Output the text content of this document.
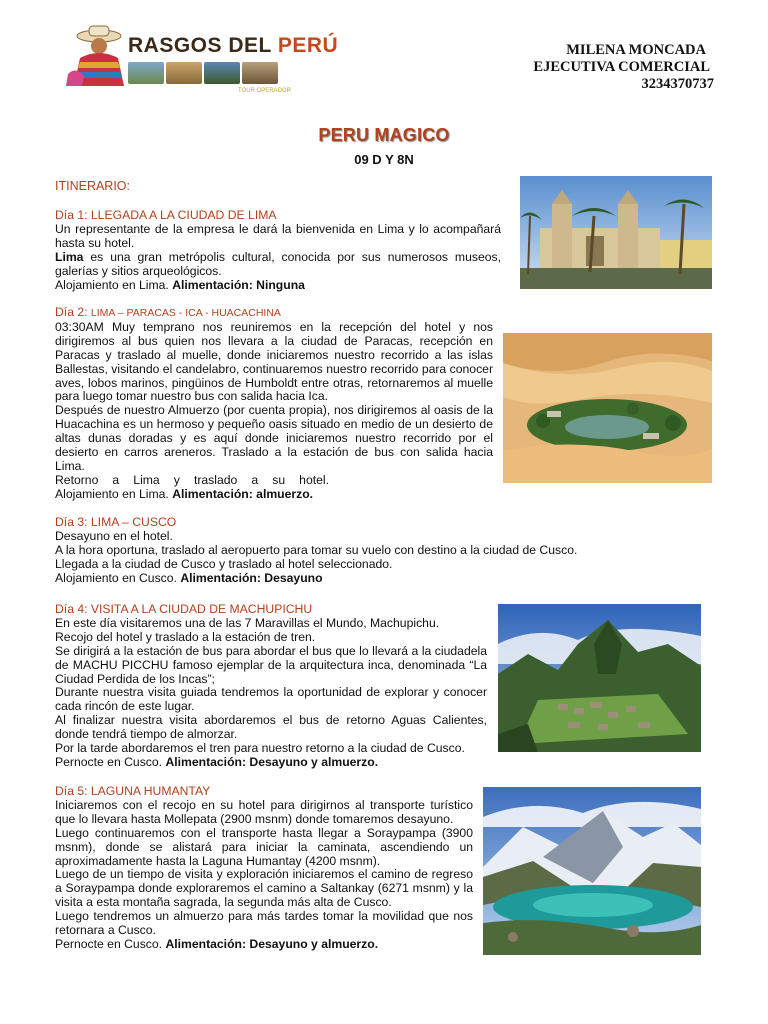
RASGOS DEL PERÚ
TOUR OPERADOR
MILENA MONCADA
EJECUTIVA COMERCIAL
3234370737
PERU MAGICO
09 D Y 8N
ITINERARIO:
Día 1: LLEGADA A LA CIUDAD DE LIMA

Un representante de la empresa le dará la bienvenida en Lima y lo acompañará hasta su hotel.

Lima es una gran metrópolis cultural, conocida por sus numerosos museos, galerías y sitios arqueológicos.

Alojamiento en Lima. Alimentación: Ninguna

Día 2: LIMA – PARACAS - ICA - HUACACHINA

03:30AM Muy temprano nos reuniremos en la recepción del hotel y nos dirigiremos al bus quien nos llevara a la ciudad de Paracas, recepción en Paracas y traslado al muelle, donde iniciaremos nuestro recorrido a las islas Ballestas, visitando el candelabro, continuaremos nuestro recorrido para conocer aves, lobos marinos, pingüinos de Humboldt entre otras, retornaremos al muelle para luego tomar nuestro bus con salida hacia Ica.

Después de nuestro Almuerzo (por cuenta propia), nos dirigiremos al oasis de la Huacachina es un hermoso y pequeño oasis situado en medio de un desierto de altas dunas doradas y es aquí donde iniciaremos nuestro recorrido por el desierto en carros areneros. Traslado a la estación de bus con salida hacia Lima.

Retorno a Lima y traslado a su hotel.

Alojamiento en Lima. Alimentación: almuerzo.

Día 3: LIMA – CUSCO

Desayuno en el hotel.

A la hora oportuna, traslado al aeropuerto para tomar su vuelo con destino a la ciudad de Cusco.

Llegada a la ciudad de Cusco y traslado al hotel seleccionado.

Alojamiento en Cusco. Alimentación: Desayuno

Día 4: VISITA A LA CIUDAD DE MACHUPICHU

En este día visitaremos una de las 7 Maravillas el Mundo, Machupichu.

Recojo del hotel y traslado a la estación de tren.

Se dirigirá a la estación de bus para abordar el bus que lo llevará a la ciudadela de MACHU PICCHU famoso ejemplar de la arquitectura inca, denominada “La Ciudad Perdida de los Incas”;

Durante nuestra visita guiada tendremos la oportunidad de explorar y conocer cada rincón de este lugar.

Al finalizar nuestra visita abordaremos el bus de retorno Aguas Calientes, donde tendrá tiempo de almorzar.

Por la tarde abordaremos el tren para nuestro retorno a la ciudad de Cusco.

Pernocte en Cusco. Alimentación: Desayuno y almuerzo.

Día 5: LAGUNA HUMANTAY

Iniciaremos con el recojo en su hotel para dirigirnos al transporte turístico que lo llevara hasta Mollepata (2900 msnm) donde tomaremos desayuno.

Luego continuaremos con el transporte hasta llegar a Soraypampa (3900 msnm), donde se alistará para iniciar la caminata, ascendiendo un aproximadamente hasta la Laguna Humantay (4200 msnm).

Luego de un tiempo de visita y exploración iniciaremos el camino de regreso a Soraypampa donde exploraremos el camino a Saltankay (6271 msnm) y la visita a esta montaña sagrada, la segunda más alta de Cusco.

Luego tendremos un almuerzo para más tardes tomar la movilidad que nos retornara a Cusco.

Pernocte en Cusco. Alimentación: Desayuno y almuerzo.
